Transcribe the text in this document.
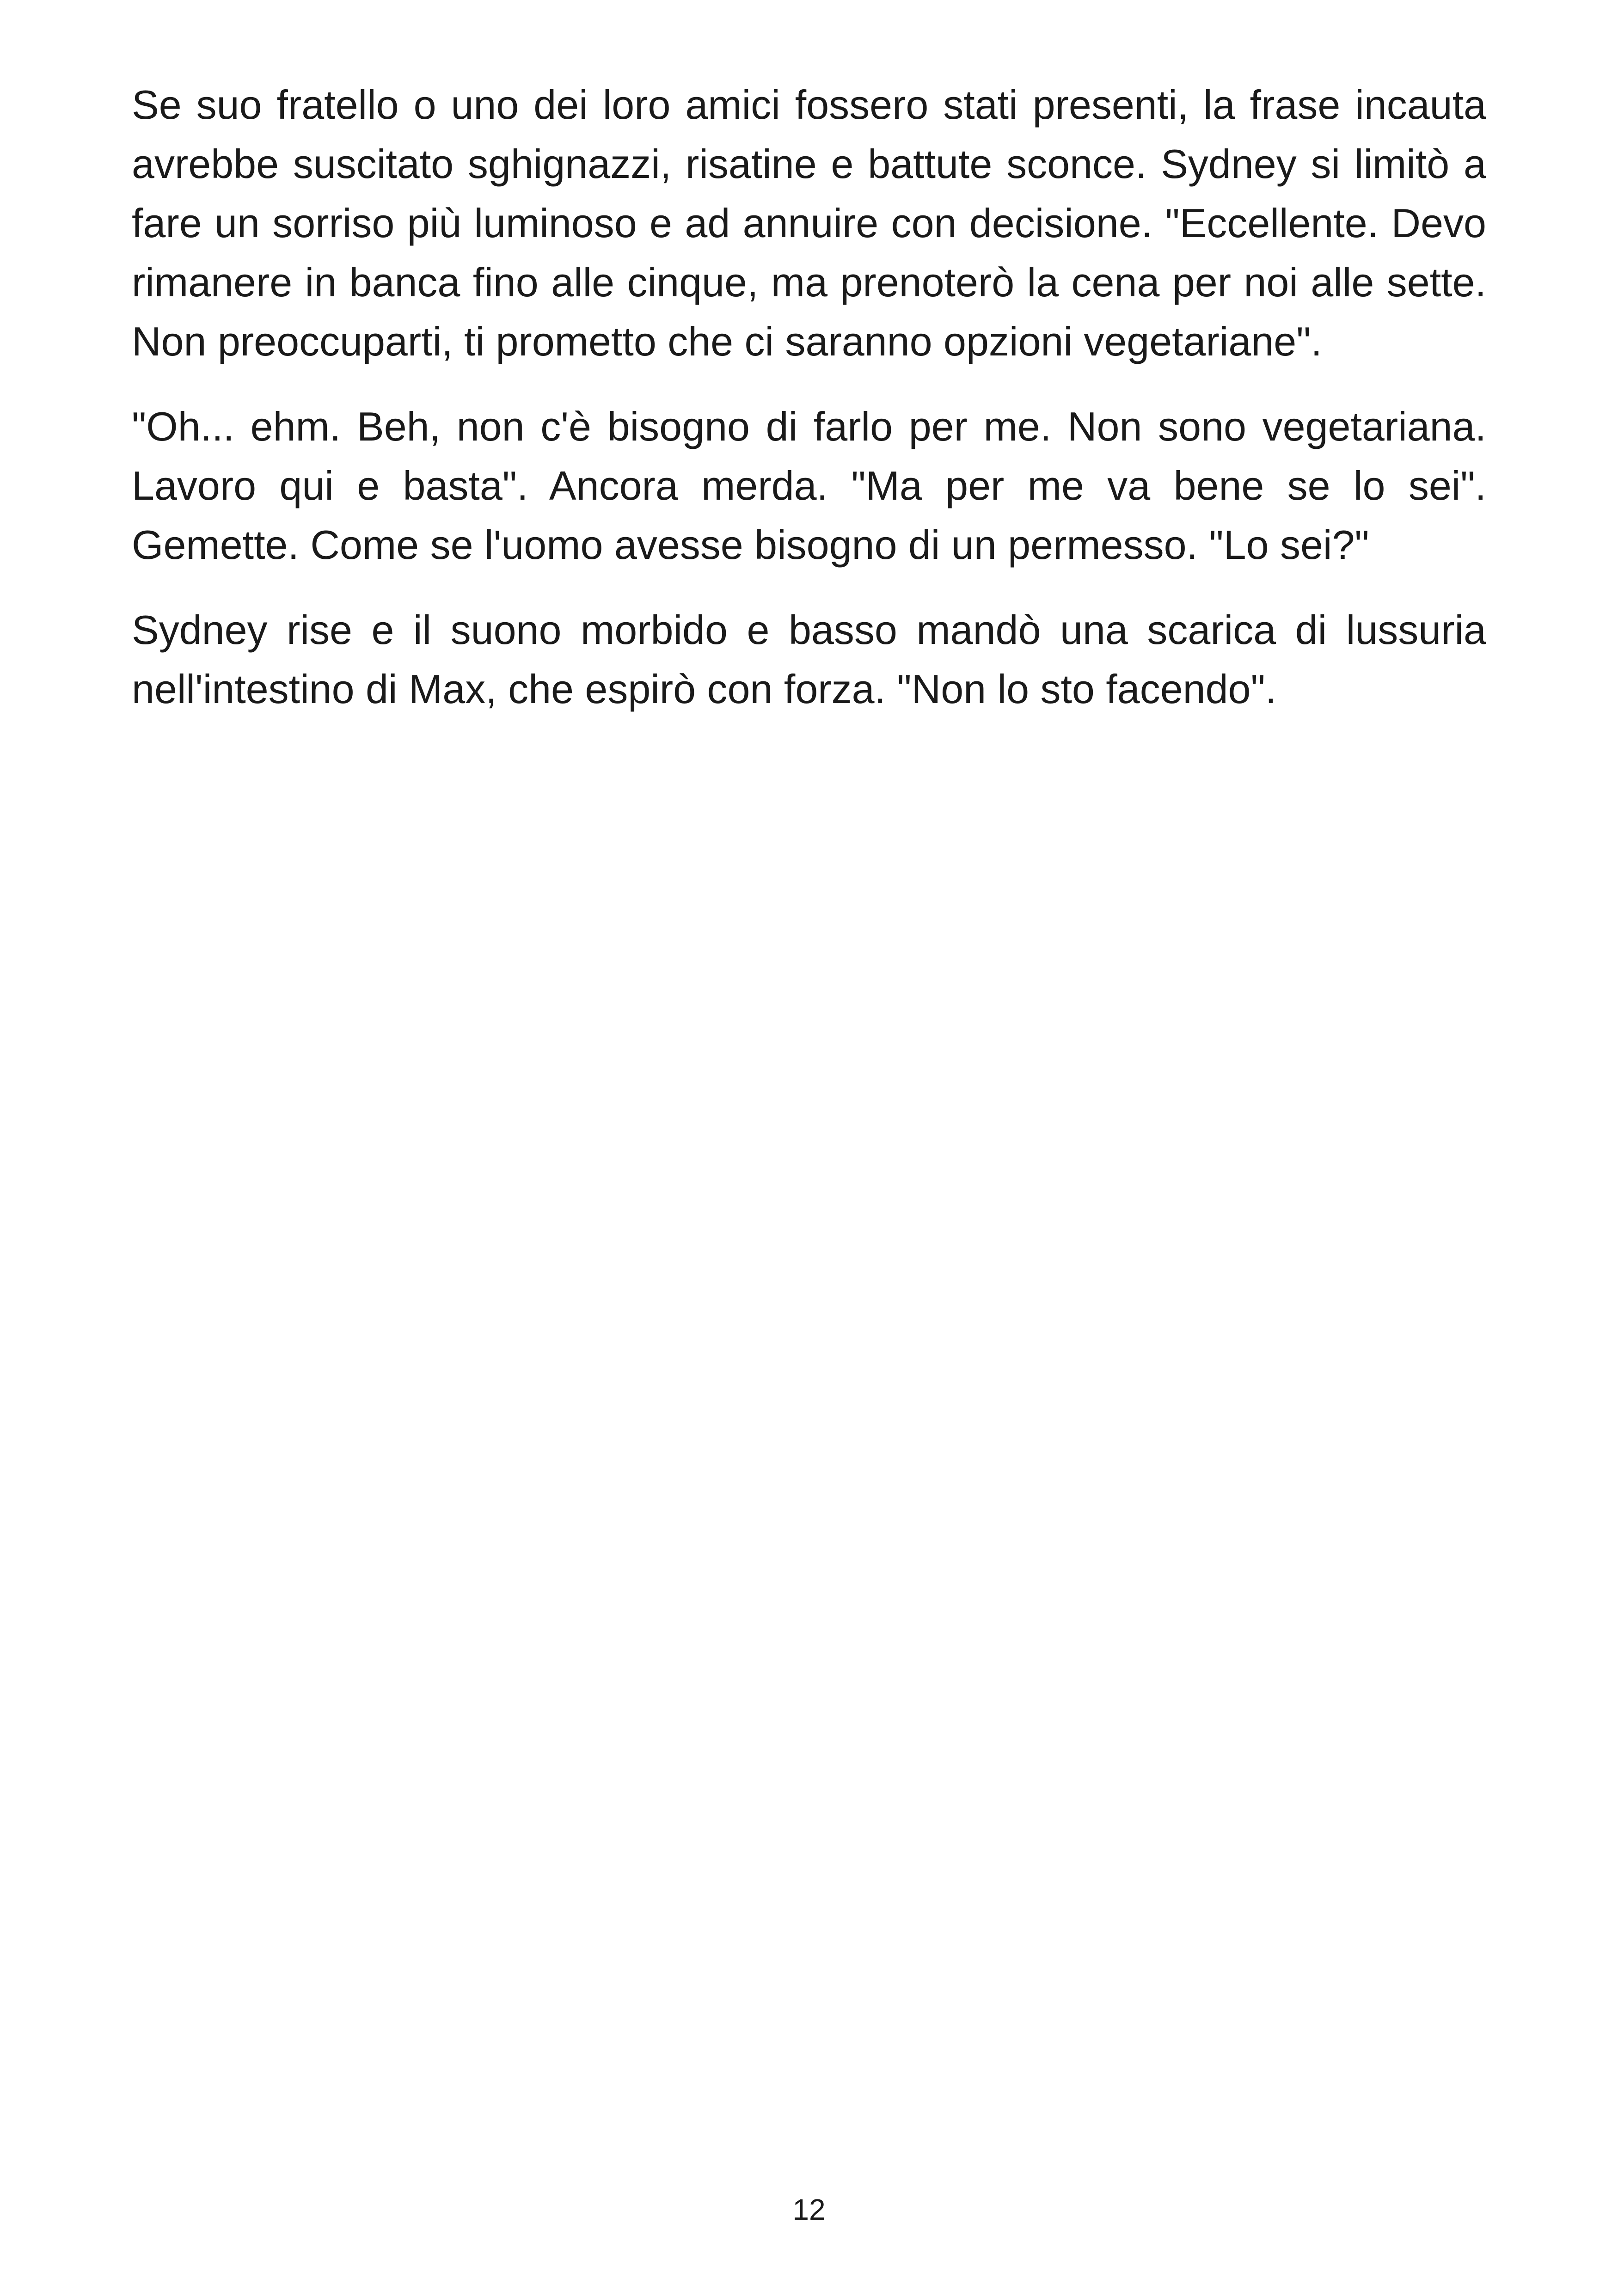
Se suo fratello o uno dei loro amici fossero stati presenti, la frase incauta avrebbe suscitato sghignazzi, risatine e battute sconce. Sydney si limitò a fare un sorriso più luminoso e ad annuire con decisione. "Eccellente. Devo rimanere in banca fino alle cinque, ma prenoterò la cena per noi alle sette. Non preoccuparti, ti prometto che ci saranno opzioni vegetariane".

"Oh... ehm. Beh, non c'è bisogno di farlo per me. Non sono vegetariana. Lavoro qui e basta". Ancora merda. "Ma per me va bene se lo sei". Gemette. Come se l'uomo avesse bisogno di un permesso. "Lo sei?"

Sydney rise e il suono morbido e basso mandò una scarica di lussuria nell'intestino di Max, che espirò con forza. "Non lo sto facendo".

12
